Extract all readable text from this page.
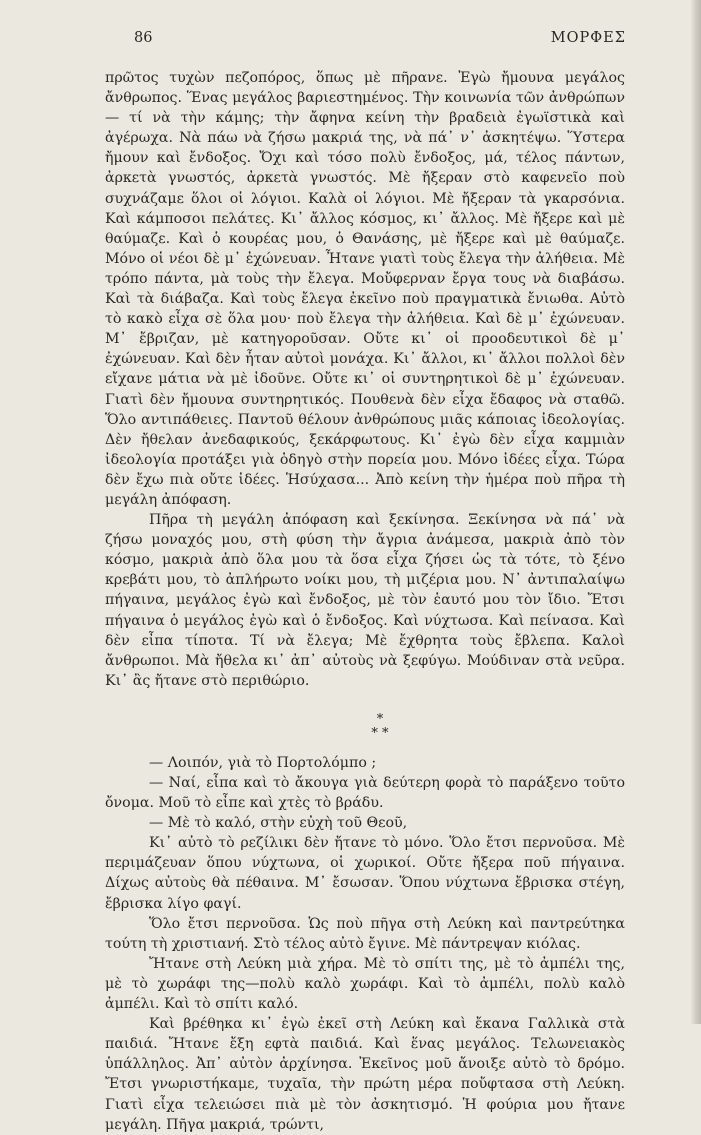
86	ΜΟΡΦΕΣ

πρῶτος τυχὼν πεζοπόρος, ὅπως μὲ πῆρανε. Ἐγὼ ἤμουνα μεγάλος ἄνθρωπος. Ἕνας μεγάλος βαριεστημένος. Τὴν κοινωνία τῶν ἀνθρώπων — τί νὰ τὴν κάμης; τὴν ἄφηνα κείνη τὴν βραδειὰ ἐγωϊστικὰ καὶ ἀγέρωχα. Νὰ πάω νὰ ζήσω μακριά της, νὰ πά᾽ ν᾽ ἀσκητέψω. Ὕστερα ἤμουν καὶ ἔνδοξος. Ὄχι καὶ τόσο πολὺ ἔνδοξος, μά, τέλος πάντων, ἀρκετὰ γνωστός, ἀρκετὰ γνωστός. Μὲ ἤξεραν στὸ καφενεῖο ποὺ συχνάζαμε ὅλοι οἱ λόγιοι. Καλὰ οἱ λόγιοι. Μὲ ἤξεραν τὰ γκαρσόνια. Καὶ κάμποσοι πελάτες. Κι᾽ ἄλλος κόσμος, κι᾽ ἄλλος. Μὲ ἤξερε καὶ μὲ θαύμαζε. Καὶ ὁ κουρέας μου, ὁ Θανάσης, μὲ ἤξερε καὶ μὲ θαύμαζε. Μόνο οἱ νέοι δὲ μ᾽ ἐχώνευαν. Ἦτανε γιατὶ τοὺς ἔλεγα τὴν ἀλήθεια. Μὲ τρόπο πάντα, μὰ τοὺς τὴν ἔλεγα. Μοὔφερναν ἔργα τους νὰ διαβάσω. Καὶ τὰ διάβαζα. Καὶ τοὺς ἔλεγα ἐκεῖνο ποὺ πραγματικὰ ἔνιωθα. Αὐτὸ τὸ κακὸ εἶχα σὲ ὅλα μου· ποὺ ἔλεγα τὴν ἀλήθεια. Καὶ δὲ μ᾽ ἐχώνευαν. Μ᾽ ἔβριζαν, μὲ κατηγοροῦσαν. Οὔτε κι᾽ οἱ προοδευτικοὶ δὲ μ᾽ ἐχώνευαν. Καὶ δὲν ἦταν αὐτοὶ μονάχα. Κι᾽ ἄλλοι, κι᾽ ἄλλοι πολλοὶ δὲν εἴχανε μάτια νὰ μὲ ἰδοῦνε. Οὔτε κι᾽ οἱ συντηρητικοὶ δὲ μ᾽ ἐχώνευαν. Γιατὶ δὲν ἤμουνα συντηρητικός. Πουθενὰ δὲν εἶχα ἔδαφος νὰ σταθῶ. Ὅλο αντιπάθειες. Παντοῦ θέλουν ἀνθρώπους μιᾶς κάποιας ἰδεολογίας. Δὲν ἤθελαν ἀνεδαφικούς, ξεκάρφωτους. Κι᾽ ἐγὼ δὲν εἶχα καμμιὰν ἰδεολογία προτάξει γιὰ ὁδηγὸ στὴν πορεία μου. Μόνο ἰδέες εἶχα. Τώρα δὲν ἔχω πιὰ οὔτε ἰδέες. Ἡσύχασα... Ἀπὸ κείνη τὴν ἡμέρα ποὺ πῆρα τὴ μεγάλη ἀπόφαση.

Πῆρα τὴ μεγάλη ἀπόφαση καὶ ξεκίνησα. Ξεκίνησα νὰ πά᾽ νὰ ζήσω μοναχός μου, στὴ φύση τὴν ἄγρια ἀνάμεσα, μακριὰ ἀπὸ τὸν κόσμο, μακριὰ ἀπὸ ὅλα μου τὰ ὅσα εἶχα ζήσει ὡς τὰ τότε, τὸ ξένο κρεβάτι μου, τὸ ἀπλήρωτο νοίκι μου, τὴ μιζέρια μου. Ν᾽ ἀντιπαλαίψω πήγαινα, μεγάλος ἐγὼ καὶ ἔνδοξος, μὲ τὸν ἑαυτό μου τὸν ἴδιο. Ἔτσι πήγαινα ὁ μεγάλος ἐγὼ καὶ ὁ ἔνδοξος. Καὶ νύχτωσα. Καὶ πείνασα. Καὶ δὲν εἶπα τίποτα. Τί νὰ ἔλεγα; Μὲ ἔχθρητα τοὺς ἔβλεπα. Καλοὶ ἄνθρωποι. Μὰ ἤθελα κι᾽ ἀπ᾽ αὐτοὺς νὰ ξεφύγω. Μούδιναν στὰ νεῦρα. Κι᾽ ἂς ἤτανε στὸ περιθώριο.

*
* *

— Λοιπόν, γιὰ τὸ Πορτολόμπο ;

— Ναί, εἶπα καὶ τὸ ἄκουγα γιὰ δεύτερη φορὰ τὸ παράξενο τοῦτο ὄνομα. Μοῦ τὸ εἶπε καὶ χτὲς τὸ βράδυ.

— Μὲ τὸ καλό, στὴν εὐχὴ τοῦ Θεοῦ,

Κι᾽ αὐτὸ τὸ ρεζίλικι δὲν ἤτανε τὸ μόνο. Ὅλο ἔτσι περνοῦσα. Μὲ περιμάζευαν ὅπου νύχτωνα, οἱ χωρικοί. Οὔτε ἤξερα ποῦ πήγαινα. Δίχως αὐτοὺς θὰ πέθαινα. Μ᾽ ἔσωσαν. Ὅπου νύχτωνα ἔβρισκα στέγη, ἔβρισκα λίγο φαγί.

Ὅλο ἔτσι περνοῦσα. Ὡς ποὺ πῆγα στὴ Λεύκη καὶ παντρεύτηκα τούτη τὴ χριστιανή. Στὸ τέλος αὐτὸ ἔγινε. Μὲ πάντρεψαν κιόλας.

Ἤτανε στὴ Λεύκη μιὰ χήρα. Μὲ τὸ σπίτι της, μὲ τὸ ἀμπέλι της, μὲ τὸ χωράφι της—πολὺ καλὸ χωράφι. Καὶ τὸ ἀμπέλι, πολὺ καλὸ ἀμπέλι. Καὶ τὸ σπίτι καλό.

Καὶ βρέθηκα κι᾽ ἐγὼ ἐκεῖ στὴ Λεύκη καὶ ἔκανα Γαλλικὰ στὰ παιδιά. Ἤτανε ἔξη εφτὰ παιδιά. Καὶ ἕνας μεγάλος. Τελωνειακὸς ὑπάλληλος. Ἀπ᾽ αὐτὸν ἀρχίνησα. Ἐκεῖνος μοῦ ἄνοιξε αὐτὸ τὸ δρόμο. Ἔτσι γνωριστήκαμε, τυχαῖα, τὴν πρώτη μέρα ποὔφτασα στὴ Λεύκη. Γιατὶ εἶχα τελειώσει πιὰ μὲ τὸν ἀσκητισμό. Ἡ φούρια μου ἤτανε μεγάλη. Πῆγα μακριά, τρώντι,
